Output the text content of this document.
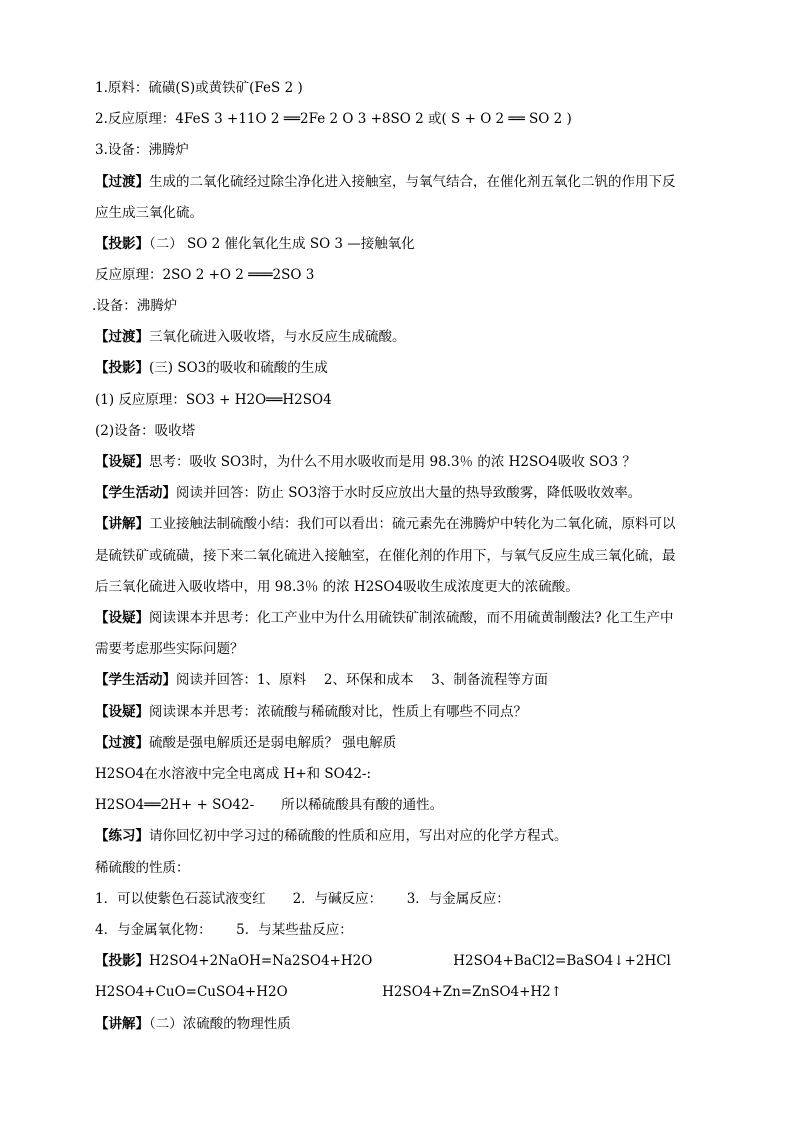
1.原料：硫磺(S)或黄铁矿(FeS 2 )
2.反应原理：4FeS 3 +11O 2 ══2Fe 2 O 3 +8SO 2 或( S + O 2 ══ SO 2 )
3.设备：沸腾炉
【过渡】生成的二氧化硫经过除尘净化进入接触室，与氧气结合，在催化剂五氧化二钒的作用下反
应生成三氧化硫。
【投影】（二） SO 2 催化氧化生成 SO 3 —接触氧化
反应原理：2SO 2 +O 2 ═══2SO 3
.设备：沸腾炉
【过渡】三氧化硫进入吸收塔，与水反应生成硫酸。
【投影】(三) SO3的吸收和硫酸的生成
(1) 反应原理：SO3 + H2O══H2SO4
(2)设备：吸收塔
【设疑】思考：吸收 SO3时，为什么不用水吸收而是用 98.3％ 的浓 H2SO4吸收 SO3 ？
【学生活动】阅读并回答：防止 SO3溶于水时反应放出大量的热导致酸雾，降低吸收效率。
【讲解】工业接触法制硫酸小结：我们可以看出：硫元素先在沸腾炉中转化为二氧化硫，原料可以
是硫铁矿或硫磺，接下来二氧化硫进入接触室，在催化剂的作用下，与氧气反应生成三氧化硫，最
后三氧化硫进入吸收塔中，用 98.3％ 的浓 H2SO4吸收生成浓度更大的浓硫酸。
【设疑】阅读课本并思考：化工产业中为什么用硫铁矿制浓硫酸，而不用硫黄制酸法? 化工生产中
需要考虑那些实际问题？
【学生活动】阅读并回答：1、原料　 2、环保和成本　 3、制备流程等方面
【设疑】阅读课本并思考：浓硫酸与稀硫酸对比，性质上有哪些不同点？
【过渡】硫酸是强电解质还是弱电解质？ 强电解质
H2SO4在水溶液中完全电离成 H+和 SO42-:
H2SO4══2H+ + SO42-　　所以稀硫酸具有酸的通性。
【练习】请你回忆初中学习过的稀硫酸的性质和应用，写出对应的化学方程式。
稀硫酸的性质：
1．可以使紫色石蕊试液变红　　2．与碱反应：　　 3．与金属反应：
4．与金属氧化物：　　 5．与某些盐反应：
【投影】H2SO4+2NaOH=Na2SO4+H2O　　　　　　H2SO4+BaCl2=BaSO4↓+2HCl
H2SO4+CuO=CuSO4+H2O　　　　　　　H2SO4+Zn=ZnSO4+H2↑
【讲解】（二）浓硫酸的物理性质
